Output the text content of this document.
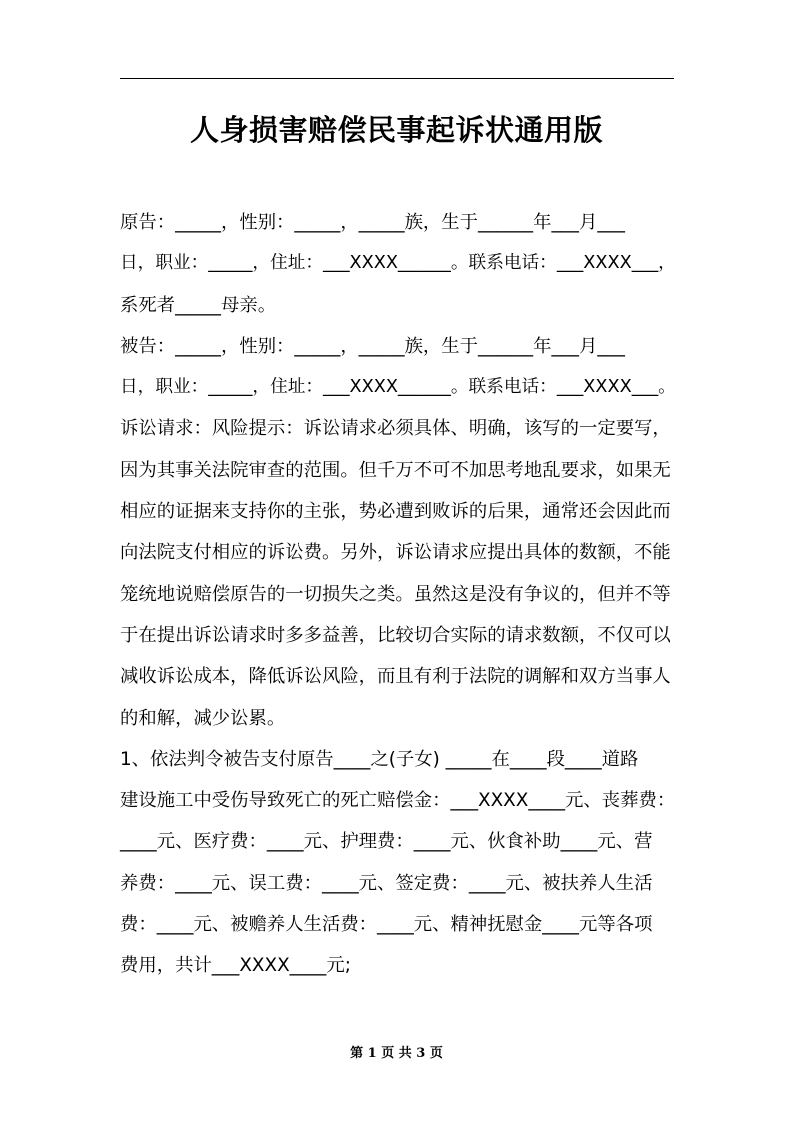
人身损害赔偿民事起诉状通用版
原告：_____，性别：_____，_____族，生于______年___月___
日，职业：_____，住址：___XXXX______。联系电话：___XXXX___，
系死者_____母亲。
被告：_____，性别：_____，_____族，生于______年___月___
日，职业：_____，住址：___XXXX______。联系电话：___XXXX___。
诉讼请求：风险提示：诉讼请求必须具体、明确，该写的一定要写，
因为其事关法院审查的范围。但千万不可不加思考地乱要求，如果无
相应的证据来支持你的主张，势必遭到败诉的后果，通常还会因此而
向法院支付相应的诉讼费。另外，诉讼请求应提出具体的数额，不能
笼统地说赔偿原告的一切损失之类。虽然这是没有争议的，但并不等
于在提出诉讼请求时多多益善，比较切合实际的请求数额，不仅可以
减收诉讼成本，降低诉讼风险，而且有利于法院的调解和双方当事人
的和解，减少讼累。
1、依法判令被告支付原告____之(子女) _____在____段____道路
建设施工中受伤导致死亡的死亡赔偿金：___XXXX____元、丧葬费：
____元、医疗费：____元、护理费：____元、伙食补助____元、营
养费：____元、误工费：____元、签定费：____元、被扶养人生活
费：____元、被赡养人生活费：____元、精神抚慰金____元等各项
费用，共计___XXXX____元;
第 1 页 共 3 页
